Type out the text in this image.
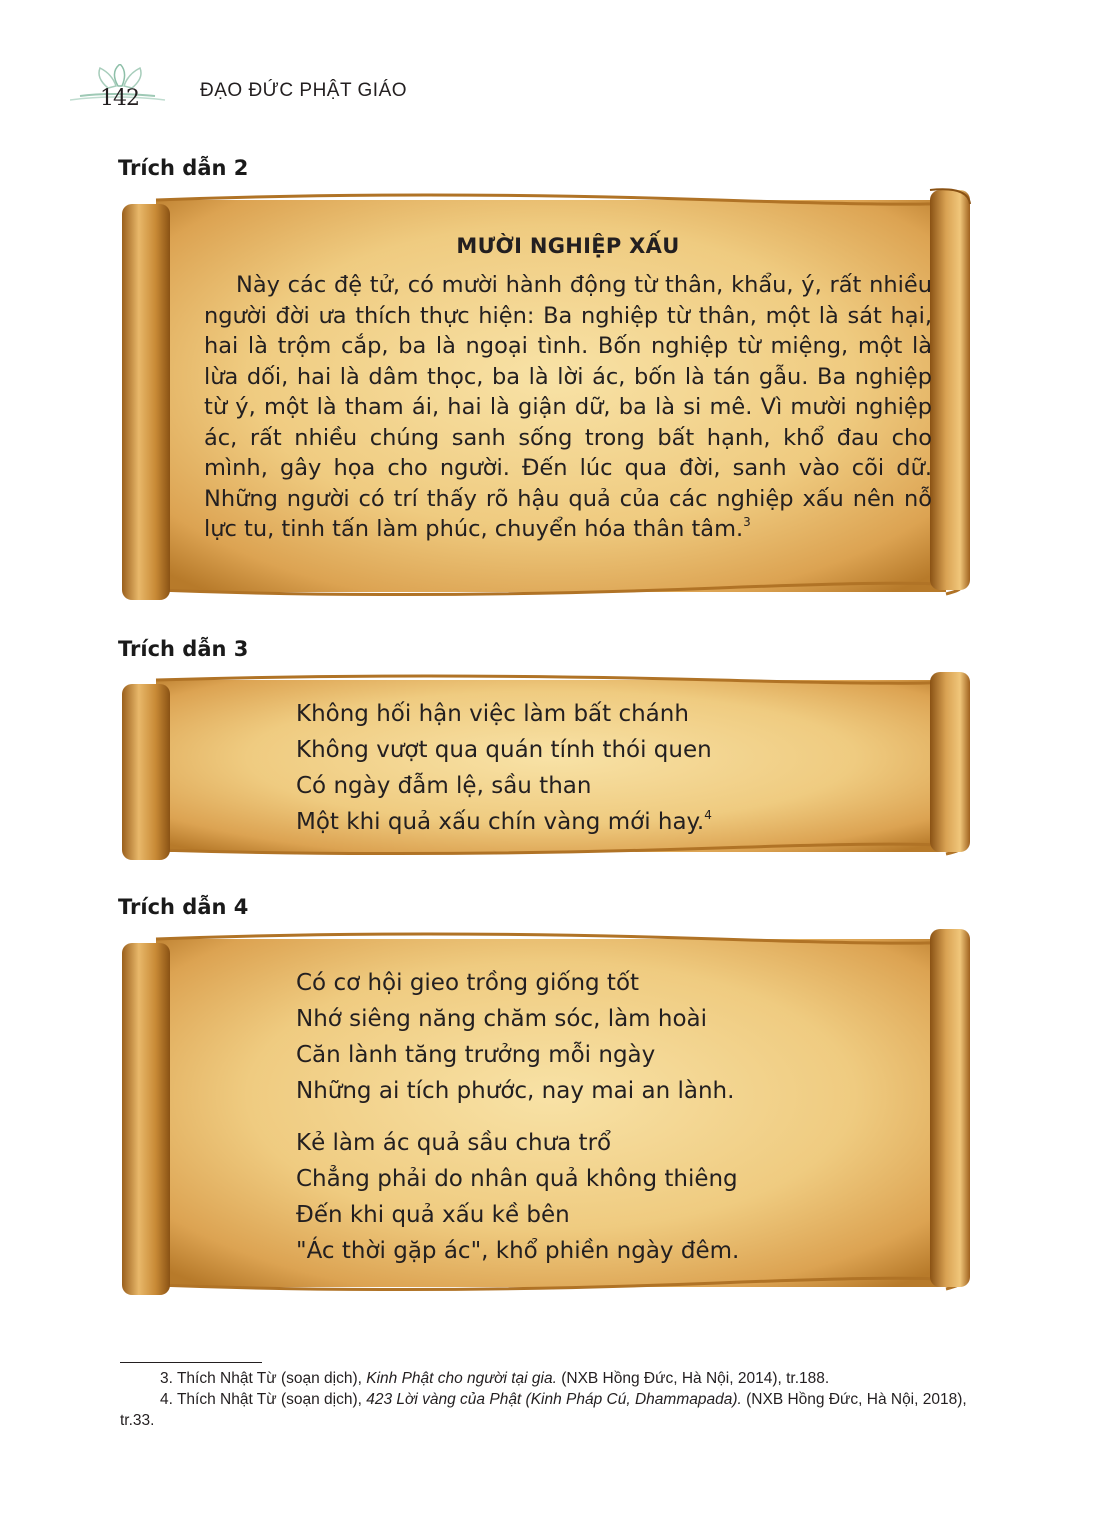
142	ĐẠO ĐỨC PHẬT GIÁO
Trích dẫn 2
MƯỜI NGHIỆP XẤU

Này các đệ tử, có mười hành động từ thân, khẩu, ý, rất nhiều người đời ưa thích thực hiện: Ba nghiệp từ thân, một là sát hại, hai là trộm cắp, ba là ngoại tình. Bốn nghiệp từ miệng, một là lừa dối, hai là dâm thọc, ba là lời ác, bốn là tán gẫu. Ba nghiệp từ ý, một là tham ái, hai là giận dữ, ba là si mê. Vì mười nghiệp ác, rất nhiều chúng sanh sống trong bất hạnh, khổ đau cho mình, gây họa cho người. Đến lúc qua đời, sanh vào cõi dữ. Những người có trí thấy rõ hậu quả của các nghiệp xấu nên nỗ lực tu, tinh tấn làm phúc, chuyển hóa thân tâm.$^3$

Trích dẫn 3
Không hối hận việc làm bất chánh
Không vượt qua quán tính thói quen
Có ngày đẫm lệ, sầu than
Một khi quả xấu chín vàng mới hay.$^4$
Trích dẫn 4
Có cơ hội gieo trồng giống tốt
Nhớ siêng năng chăm sóc, làm hoài
Căn lành tăng trưởng mỗi ngày
Những ai tích phước, nay mai an lành.
Kẻ làm ác quả sầu chưa trổ
Chẳng phải do nhân quả không thiêng
Đến khi quả xấu kề bên
"Ác thời gặp ác", khổ phiền ngày đêm.
3. Thích Nhật Từ (soạn dịch), Kinh Phật cho người tại gia. (NXB Hồng Đức, Hà Nội, 2014), tr.188.
4. Thích Nhật Từ (soạn dịch), 423 Lời vàng của Phật (Kinh Pháp Cú, Dhammapada). (NXB Hồng Đức, Hà Nội, 2018), tr.33.
